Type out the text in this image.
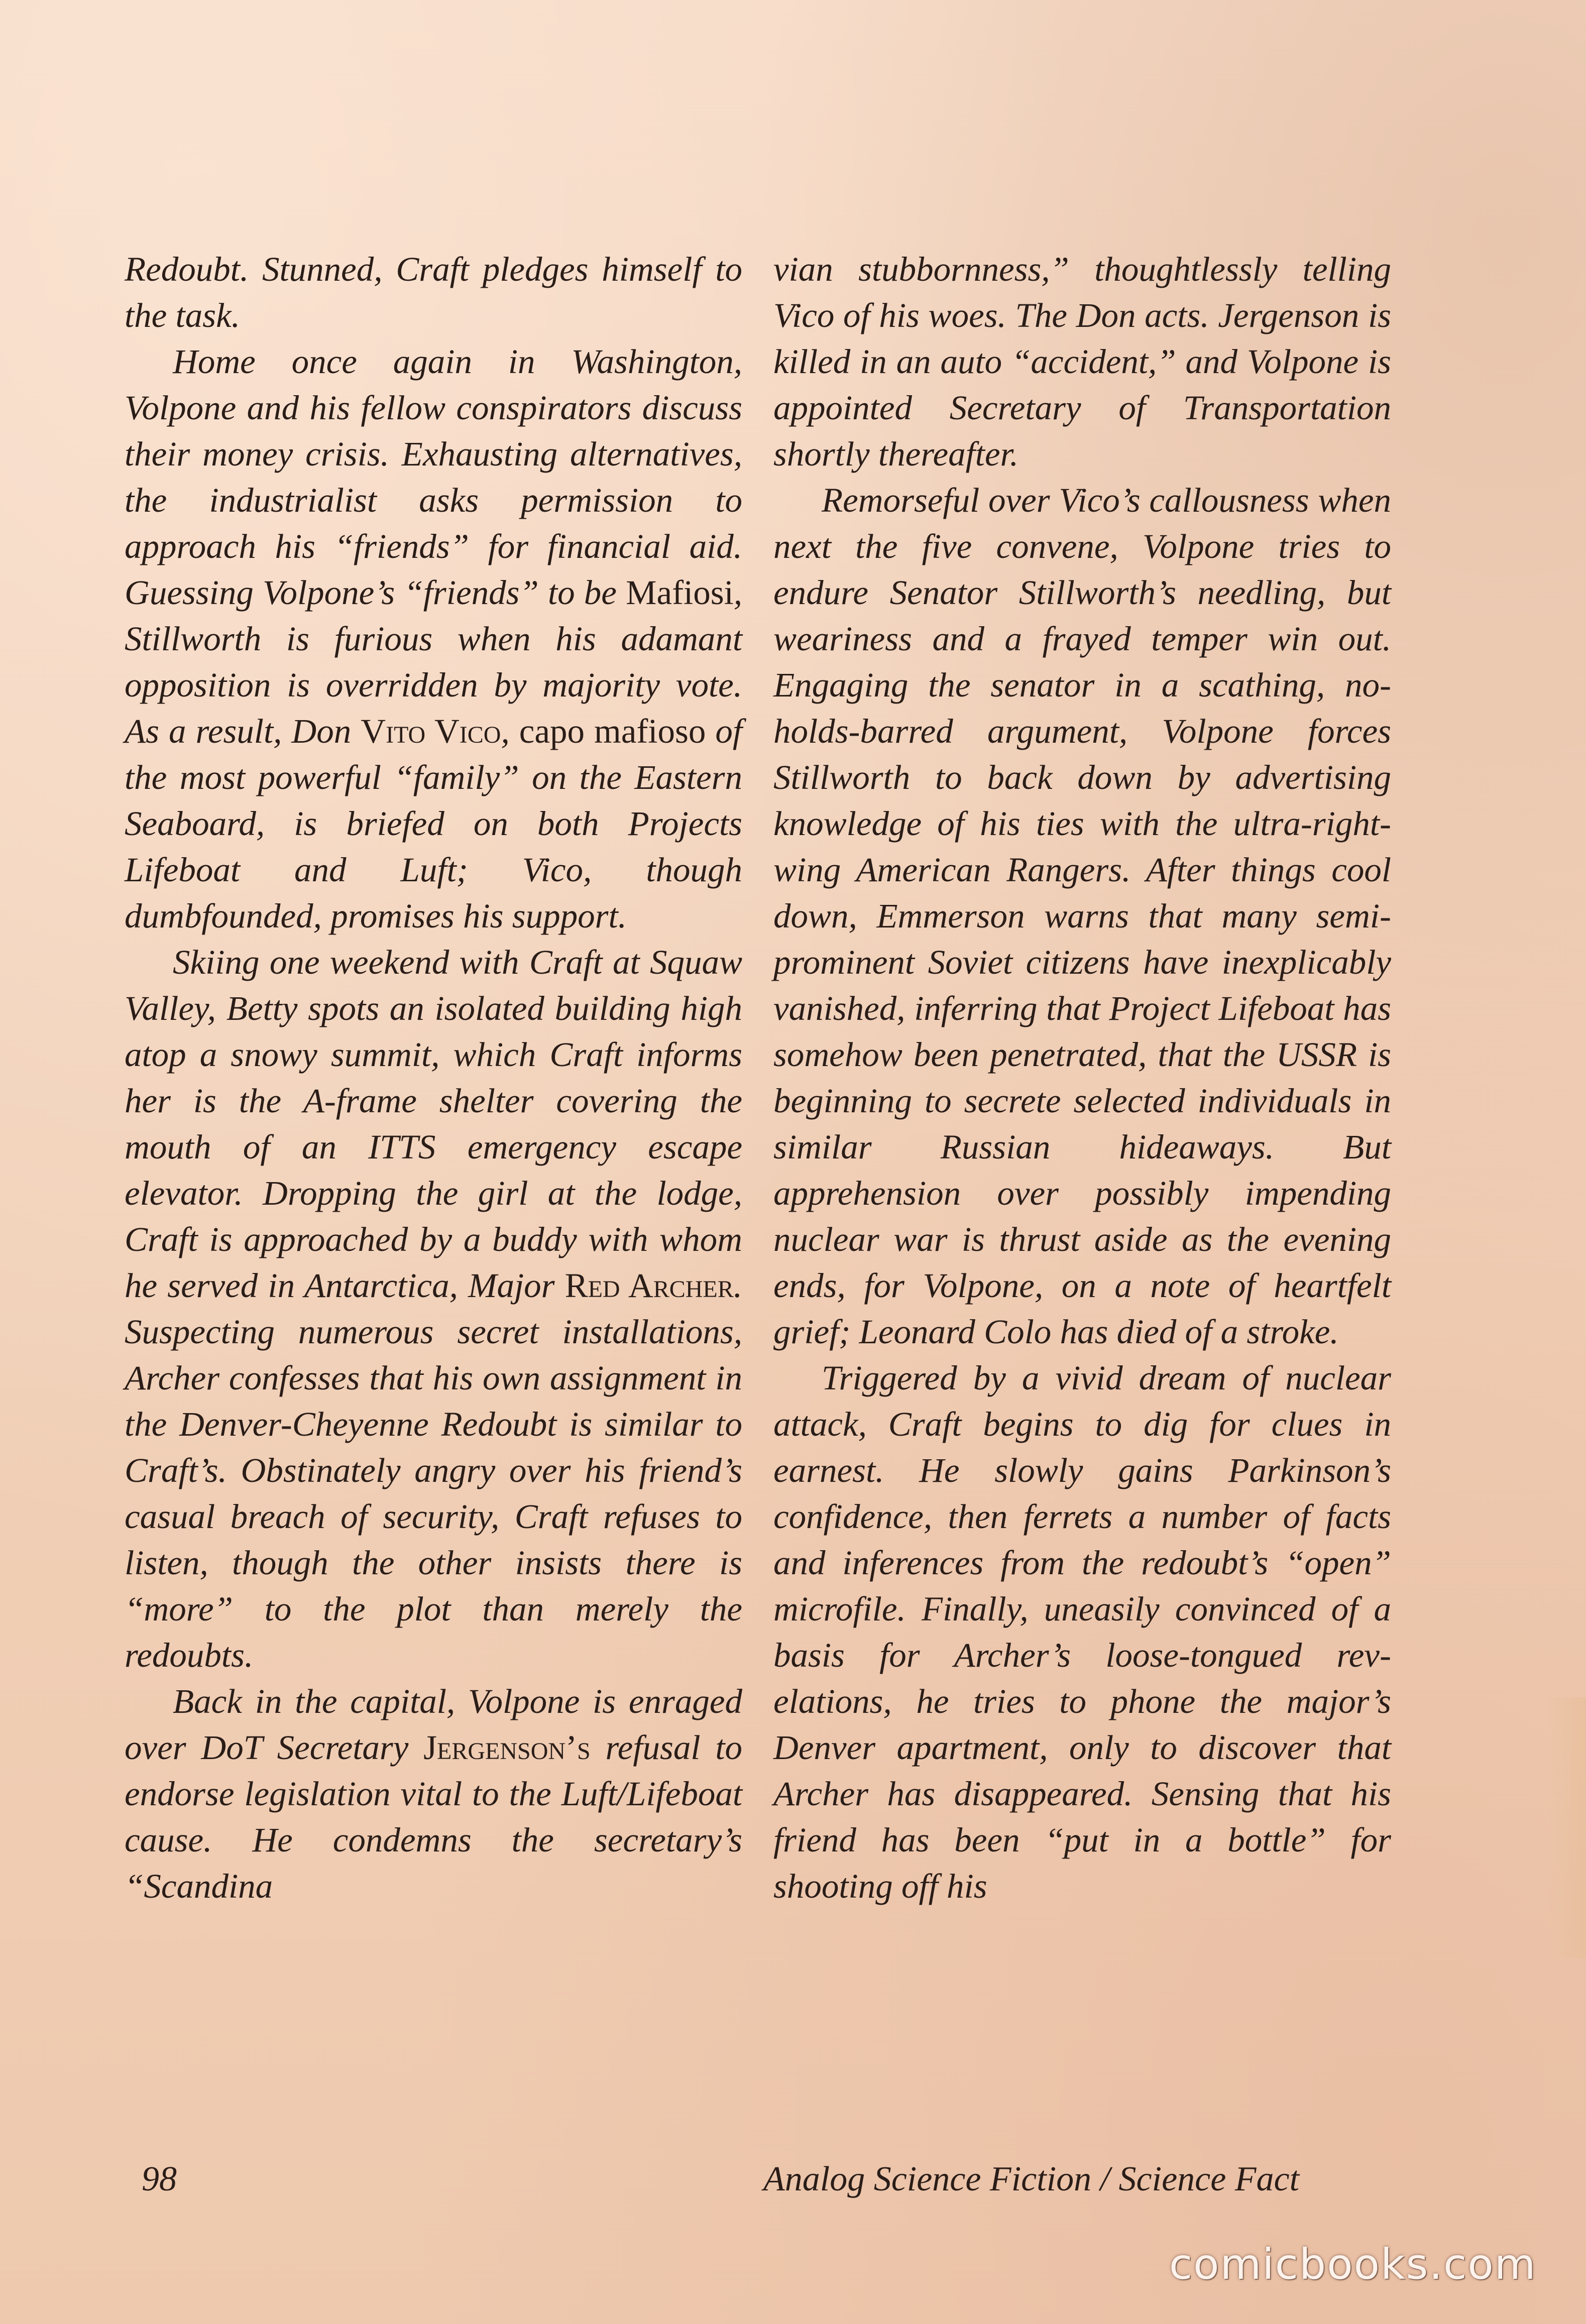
Redoubt. Stunned, Craft pledges himself to the task.

Home once again in Washington, Volpone and his fellow conspirators discuss their money crisis. Exhausting alternatives, the industrialist asks permission to approach his “friends” for financial aid. Guessing Volpone’s “friends” to be Mafiosi, Stillworth is furious when his adamant opposition is overridden by majority vote. As a result, Don Vito Vico, capo mafioso of the most powerful “family” on the Eastern Seaboard, is briefed on both Projects Lifeboat and Luft; Vico, though dumbfounded, promises his support.

Skiing one weekend with Craft at Squaw Valley, Betty spots an isolated building high atop a snowy summit, which Craft informs her is the A-frame shelter covering the mouth of an ITTS emergency escape elevator. Dropping the girl at the lodge, Craft is approached by a buddy with whom he served in Antarctica, Major Red Archer. Suspecting numerous secret installations, Archer confesses that his own assignment in the Denver-Cheyenne Redoubt is similar to Craft’s. Obstinately angry over his friend’s casual breach of security, Craft refuses to listen, though the other insists there is “more” to the plot than merely the redoubts.

Back in the capital, Volpone is enraged over DoT Secretary Jergenson’s refusal to endorse legislation vital to the Luft/Lifeboat cause. He condemns the secretary’s “Scandina

vian stubbornness,” thoughtlessly telling Vico of his woes. The Don acts. Jergenson is killed in an auto “accident,” and Volpone is appointed Secretary of Transportation shortly thereafter.

Remorseful over Vico’s callousness when next the five convene, Volpone tries to endure Senator Stillworth’s needling, but weariness and a frayed temper win out. Engaging the senator in a scathing, no-holds-barred argument, Volpone forces Stillworth to back down by advertising knowledge of his ties with the ultra-rightwing American Rangers. After things cool down, Emmerson warns that many semi-prominent Soviet citizens have inexplicably vanished, inferring that Project Lifeboat has somehow been penetrated, that the USSR is beginning to secrete selected individuals in similar Russian hideaways. But apprehension over possibly impending nuclear war is thrust aside as the evening ends, for Volpone, on a note of heartfelt grief; Leonard Colo has died of a stroke.

Triggered by a vivid dream of nuclear attack, Craft begins to dig for clues in earnest. He slowly gains Parkinson’s confidence, then ferrets a number of facts and inferences from the redoubt’s “open” microfile. Finally, uneasily convinced of a basis for Archer’s loose-tongued revelations, he tries to phone the major’s Denver apartment, only to discover that Archer has disappeared. Sensing that his friend has been “put in a bottle” for shooting off his

98	Analog Science Fiction / Science Fact
comicbooks.com
